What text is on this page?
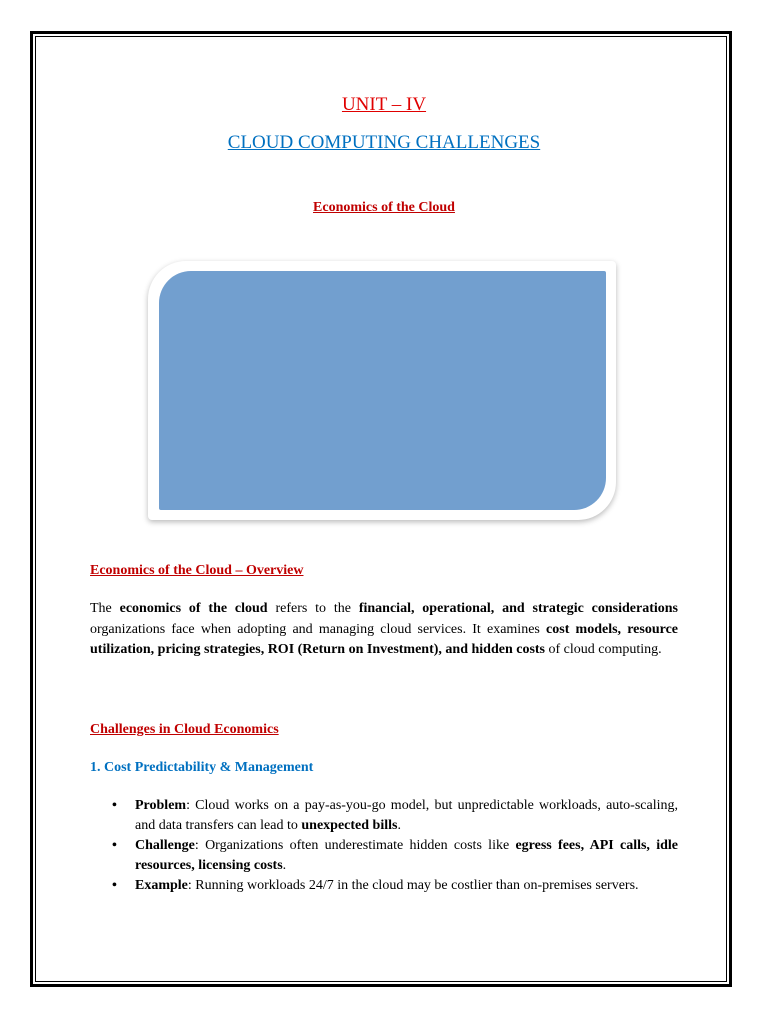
UNIT – IV
CLOUD COMPUTING CHALLENGES
Economics of the Cloud
Economics of the Cloud – Overview

The economics of the cloud refers to the financial, operational, and strategic considerations organizations face when adopting and managing cloud services. It examines cost models, resource utilization, pricing strategies, ROI (Return on Investment), and hidden costs of cloud computing.

Challenges in Cloud Economics
1. Cost Predictability & Management
• Problem: Cloud works on a pay-as-you-go model, but unpredictable workloads, auto-scaling, and data transfers can lead to unexpected bills.
• Challenge: Organizations often underestimate hidden costs like egress fees, API calls, idle resources, licensing costs.
• Example: Running workloads 24/7 in the cloud may be costlier than on-premises servers.
